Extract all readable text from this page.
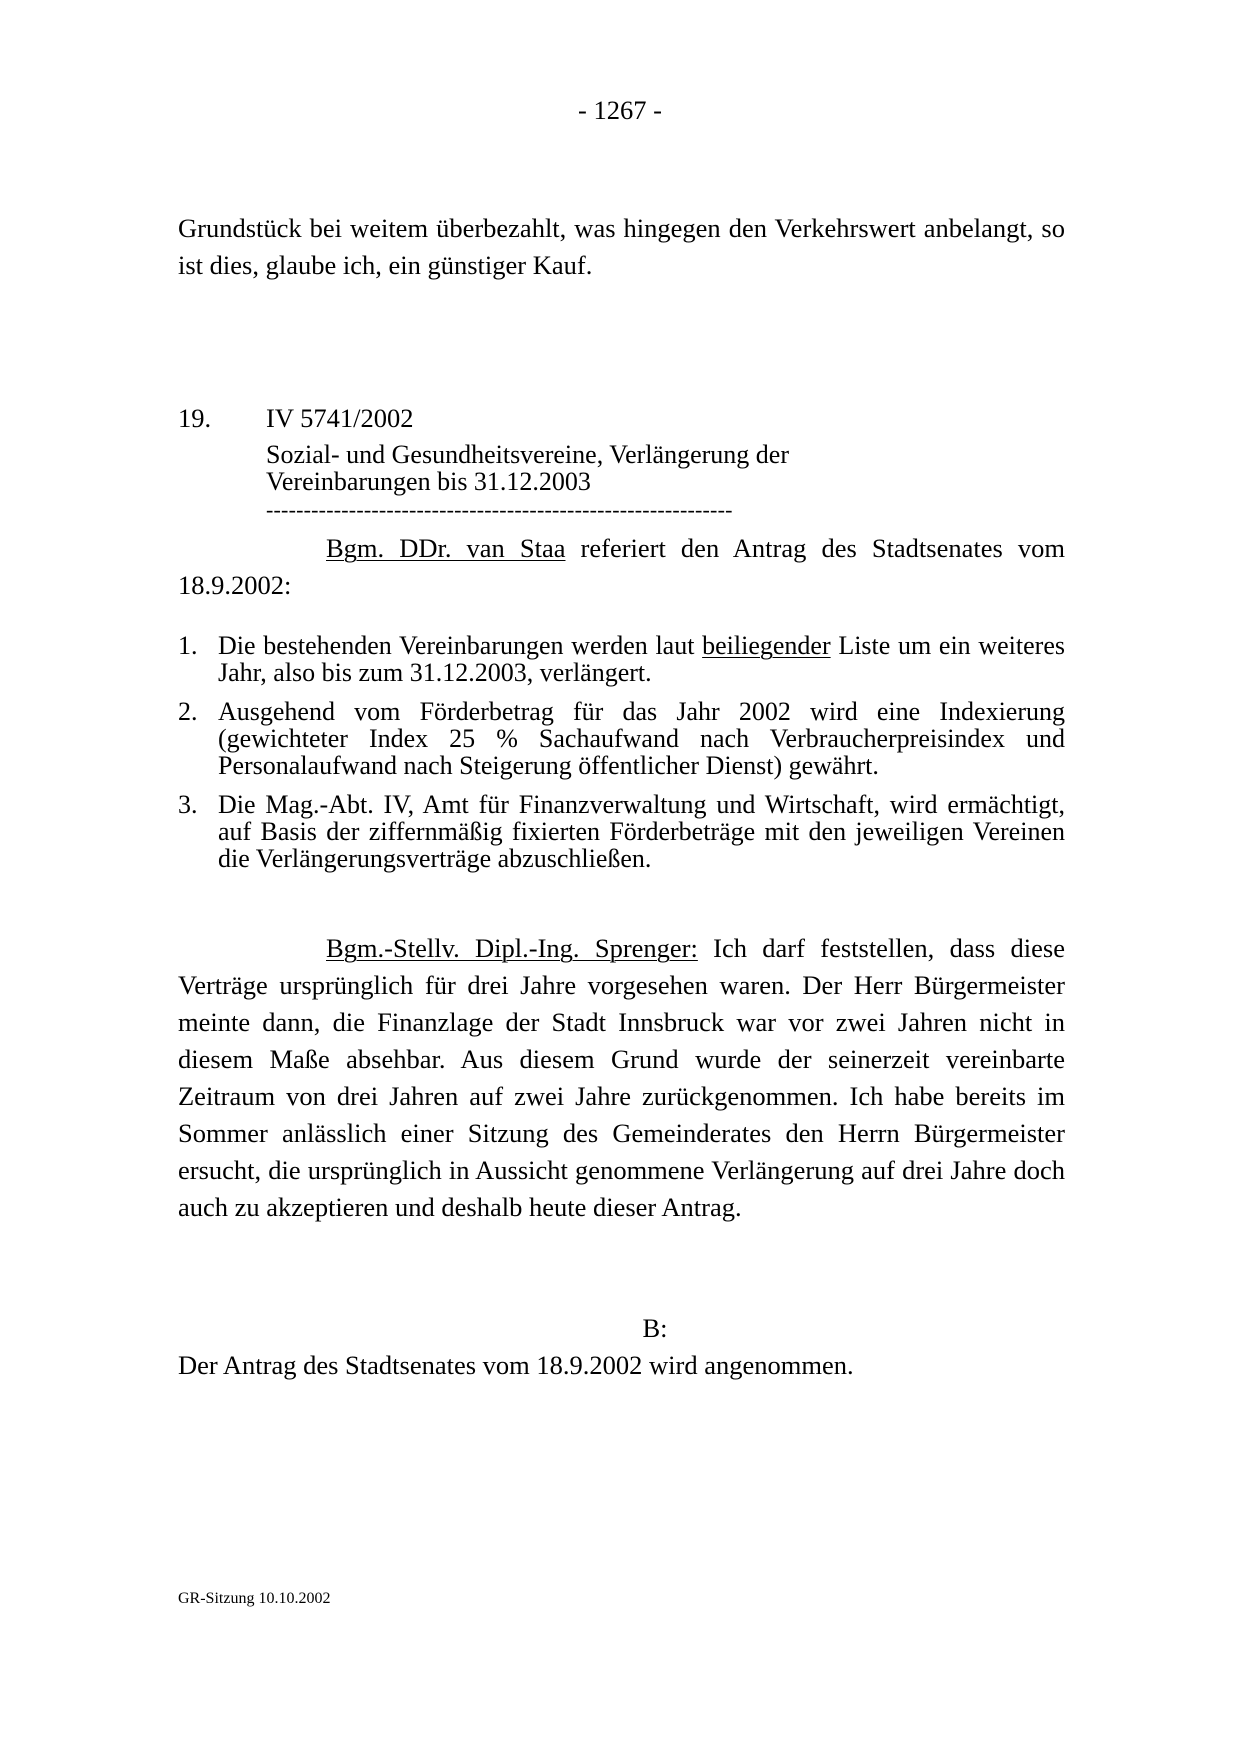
- 1267 -
Grundstück bei weitem überbezahlt, was hingegen den Verkehrswert anbelangt, so ist dies, glaube ich, ein günstiger Kauf.
19. IV 5741/2002
Sozial- und Gesundheitsvereine, Verlängerung der
Vereinbarungen bis 31.12.2003
--------------------------------------------------------------
Bgm. DDr. van Staa referiert den Antrag des Stadtsenates vom
18.9.2002:
1. Die bestehenden Vereinbarungen werden laut beiliegender Liste um ein weiteres Jahr, also bis zum 31.12.2003, verlängert.
2. Ausgehend vom Förderbetrag für das Jahr 2002 wird eine Indexierung (gewichteter Index 25 % Sachaufwand nach Verbraucherpreisindex und Personalaufwand nach Steigerung öffentlicher Dienst) gewährt.
3. Die Mag.-Abt. IV, Amt für Finanzverwaltung und Wirtschaft, wird ermächtigt, auf Basis der ziffernmäßig fixierten Förderbeträge mit den jeweiligen Vereinen die Verlängerungsverträge abzuschließen.
Bgm.-Stellv. Dipl.-Ing. Sprenger: Ich darf feststellen, dass diese Verträge ursprünglich für drei Jahre vorgesehen waren. Der Herr Bürgermeister meinte dann, die Finanzlage der Stadt Innsbruck war vor zwei Jahren nicht in diesem Maße absehbar. Aus diesem Grund wurde der seinerzeit vereinbarte Zeitraum von drei Jahren auf zwei Jahre zurückgenommen. Ich habe bereits im Sommer anlässlich einer Sitzung des Gemeinderates den Herrn Bürgermeister ersucht, die ursprünglich in Aussicht genommene Verlängerung auf drei Jahre doch auch zu akzeptieren und deshalb heute dieser Antrag.
B:
Der Antrag des Stadtsenates vom 18.9.2002 wird angenommen.
GR-Sitzung 10.10.2002
